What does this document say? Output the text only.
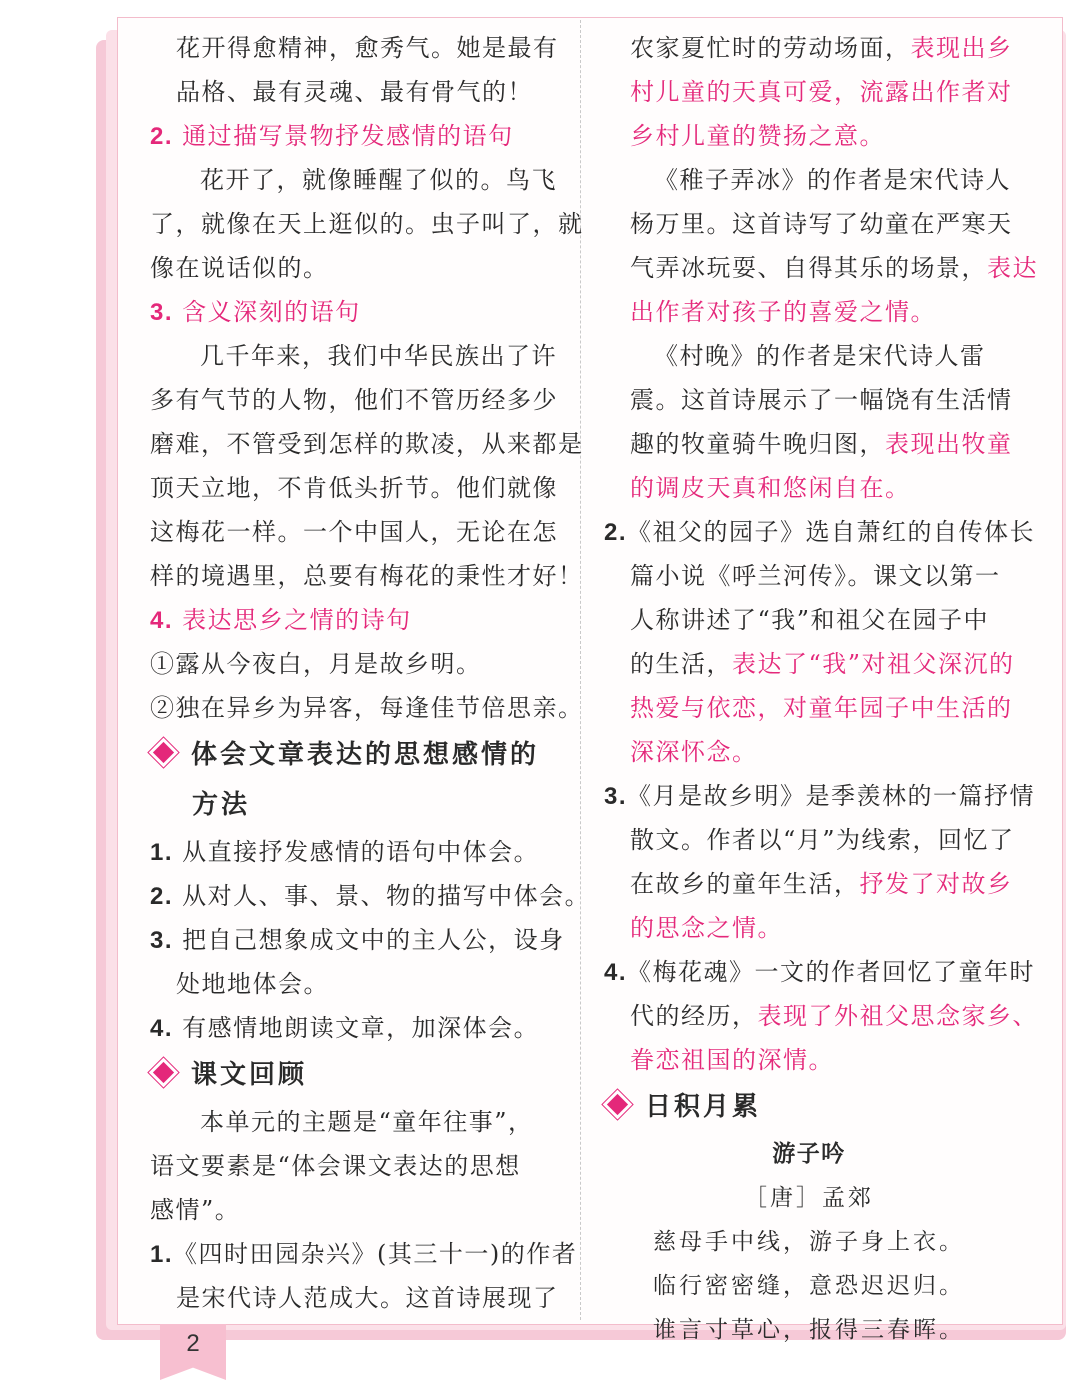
花开得愈精神，愈秀气。她是最有
品格、最有灵魂、最有骨气的！
2. 通过描写景物抒发感情的语句
花开了，就像睡醒了似的。鸟飞
了，就像在天上逛似的。虫子叫了，就
像在说话似的。
3. 含义深刻的语句
几千年来，我们中华民族出了许
多有气节的人物，他们不管历经多少
磨难，不管受到怎样的欺凌，从来都是
顶天立地，不肯低头折节。他们就像
这梅花一样。一个中国人，无论在怎
样的境遇里，总要有梅花的秉性才好！
4. 表达思乡之情的诗句
①露从今夜白，月是故乡明。
②独在异乡为异客，每逢佳节倍思亲。
体会文章表达的思想感情的
方法
1. 从直接抒发感情的语句中体会。
2. 从对人、事、景、物的描写中体会。
3. 把自己想象成文中的主人公，设身
处地地体会。
4. 有感情地朗读文章，加深体会。
课文回顾
本单元的主题是“童年往事”，
语文要素是“体会课文表达的思想
感情”。
1.《四时田园杂兴》(其三十一)的作者
是宋代诗人范成大。这首诗展现了
农家夏忙时的劳动场面，表现出乡
村儿童的天真可爱，流露出作者对
乡村儿童的赞扬之意。
《稚子弄冰》的作者是宋代诗人
杨万里。这首诗写了幼童在严寒天
气弄冰玩耍、自得其乐的场景，表达
出作者对孩子的喜爱之情。
《村晚》的作者是宋代诗人雷
震。这首诗展示了一幅饶有生活情
趣的牧童骑牛晚归图，表现出牧童
的调皮天真和悠闲自在。
2.《祖父的园子》选自萧红的自传体长
篇小说《呼兰河传》。课文以第一
人称讲述了“我”和祖父在园子中
的生活，表达了“我”对祖父深沉的
热爱与依恋，对童年园子中生活的
深深怀念。
3.《月是故乡明》是季羡林的一篇抒情
散文。作者以“月”为线索，回忆了
在故乡的童年生活，抒发了对故乡
的思念之情。
4.《梅花魂》一文的作者回忆了童年时
代的经历，表现了外祖父思念家乡、
眷恋祖国的深情。
日积月累
游子吟
［唐］孟郊
慈母手中线，游子身上衣。
临行密密缝，意恐迟迟归。
谁言寸草心，报得三春晖。
2
